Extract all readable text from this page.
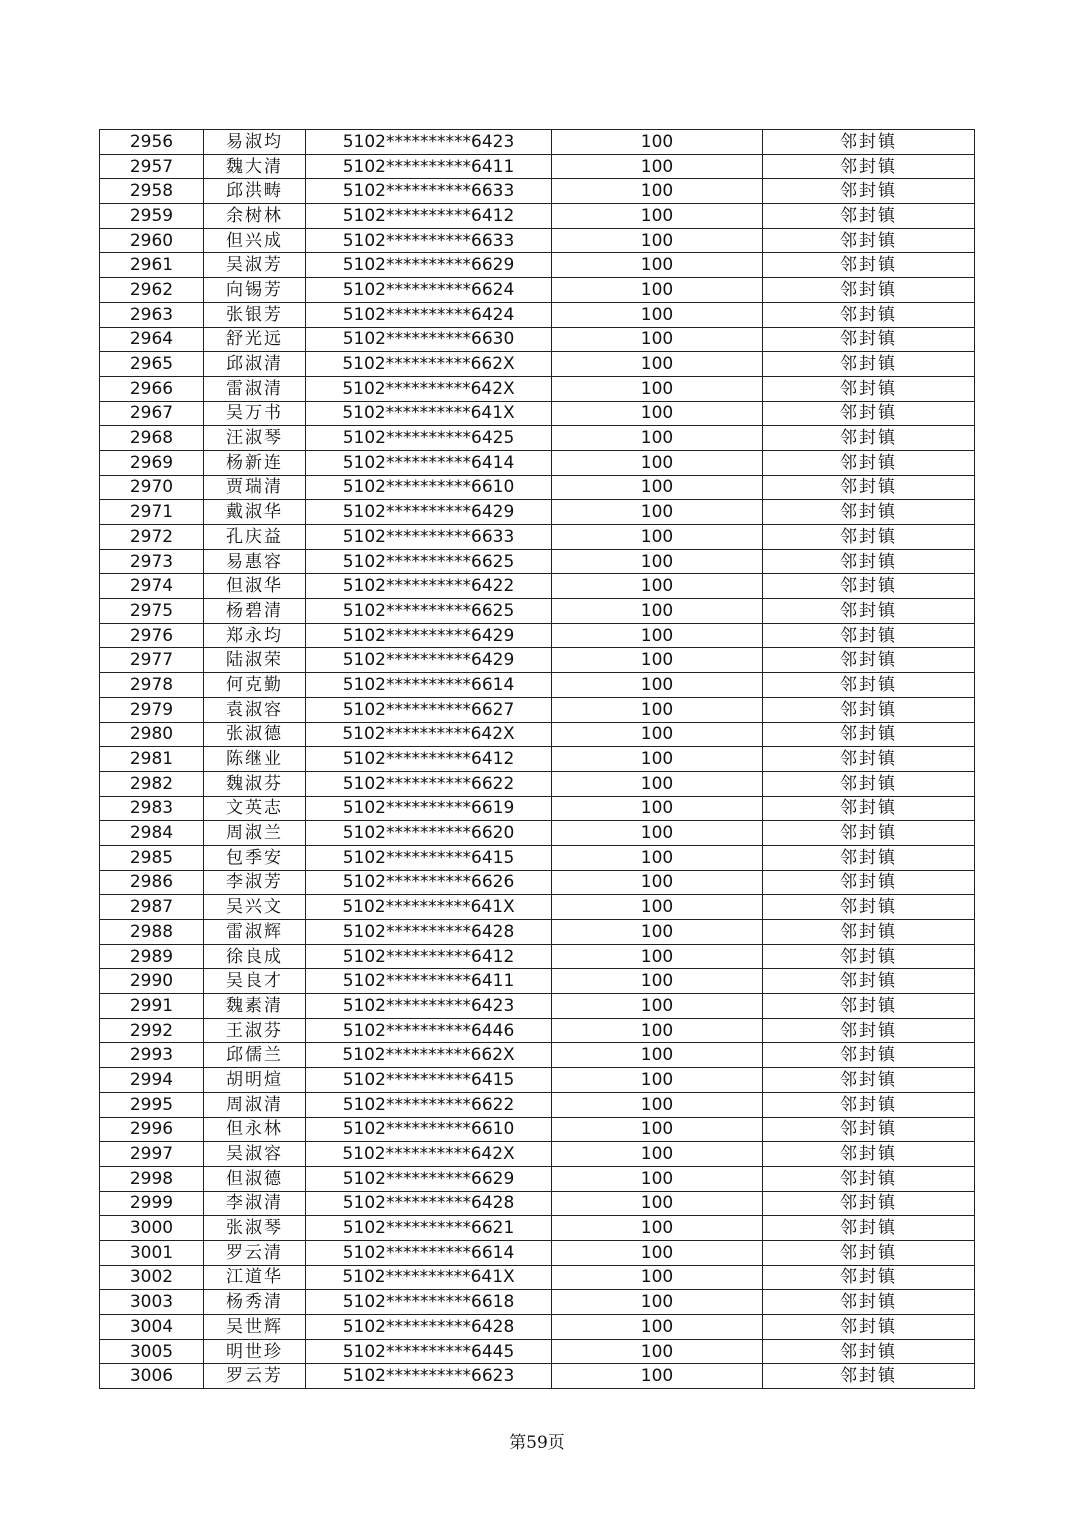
2956	易淑均	5102**********6423	100	邻封镇
2957	魏大清	5102**********6411	100	邻封镇
2958	邱洪畴	5102**********6633	100	邻封镇
2959	余树林	5102**********6412	100	邻封镇
2960	但兴成	5102**********6633	100	邻封镇
2961	吴淑芳	5102**********6629	100	邻封镇
2962	向锡芳	5102**********6624	100	邻封镇
2963	张银芳	5102**********6424	100	邻封镇
2964	舒光远	5102**********6630	100	邻封镇
2965	邱淑清	5102**********662X	100	邻封镇
2966	雷淑清	5102**********642X	100	邻封镇
2967	吴万书	5102**********641X	100	邻封镇
2968	汪淑琴	5102**********6425	100	邻封镇
2969	杨新连	5102**********6414	100	邻封镇
2970	贾瑞清	5102**********6610	100	邻封镇
2971	戴淑华	5102**********6429	100	邻封镇
2972	孔庆益	5102**********6633	100	邻封镇
2973	易惠容	5102**********6625	100	邻封镇
2974	但淑华	5102**********6422	100	邻封镇
2975	杨碧清	5102**********6625	100	邻封镇
2976	郑永均	5102**********6429	100	邻封镇
2977	陆淑荣	5102**********6429	100	邻封镇
2978	何克勤	5102**********6614	100	邻封镇
2979	袁淑容	5102**********6627	100	邻封镇
2980	张淑德	5102**********642X	100	邻封镇
2981	陈继业	5102**********6412	100	邻封镇
2982	魏淑芬	5102**********6622	100	邻封镇
2983	文英志	5102**********6619	100	邻封镇
2984	周淑兰	5102**********6620	100	邻封镇
2985	包季安	5102**********6415	100	邻封镇
2986	李淑芳	5102**********6626	100	邻封镇
2987	吴兴文	5102**********641X	100	邻封镇
2988	雷淑辉	5102**********6428	100	邻封镇
2989	徐良成	5102**********6412	100	邻封镇
2990	吴良才	5102**********6411	100	邻封镇
2991	魏素清	5102**********6423	100	邻封镇
2992	王淑芬	5102**********6446	100	邻封镇
2993	邱儒兰	5102**********662X	100	邻封镇
2994	胡明煊	5102**********6415	100	邻封镇
2995	周淑清	5102**********6622	100	邻封镇
2996	但永林	5102**********6610	100	邻封镇
2997	吴淑容	5102**********642X	100	邻封镇
2998	但淑德	5102**********6629	100	邻封镇
2999	李淑清	5102**********6428	100	邻封镇
3000	张淑琴	5102**********6621	100	邻封镇
3001	罗云清	5102**********6614	100	邻封镇
3002	江道华	5102**********641X	100	邻封镇
3003	杨秀清	5102**********6618	100	邻封镇
3004	吴世辉	5102**********6428	100	邻封镇
3005	明世珍	5102**********6445	100	邻封镇
3006	罗云芳	5102**********6623	100	邻封镇
第59页
